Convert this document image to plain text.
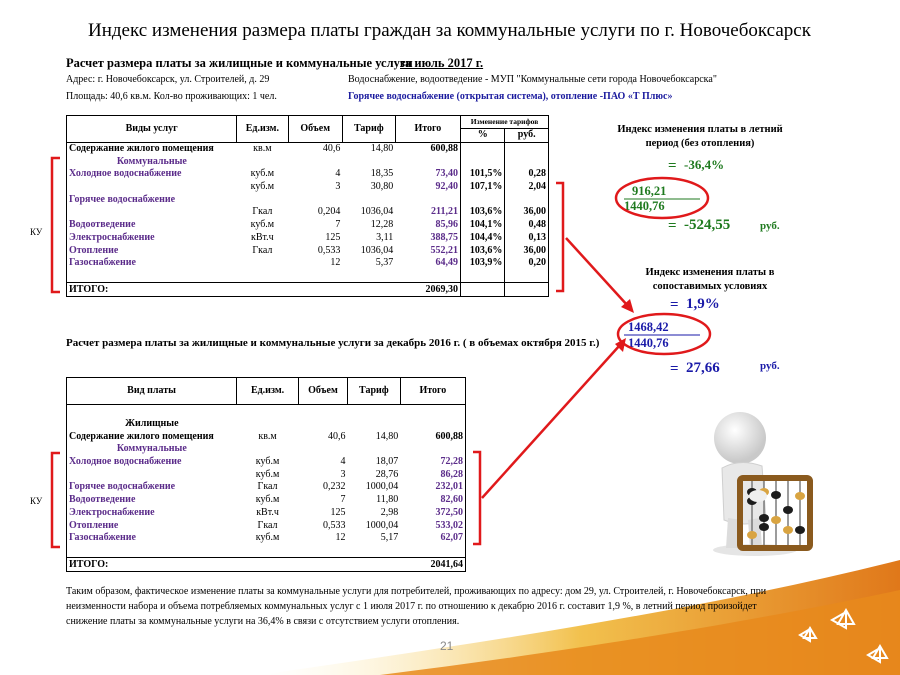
Индекс изменения размера платы граждан за коммунальные услуги по г. Новочебоксарск
Расчет размера платы за жилищные и коммунальные услуги
за июль 2017 г.
Адрес: г. Новочебоксарск, ул. Строителей, д. 29
Площадь: 40,6 кв.м. Кол-во проживающих: 1 чел.
Водоснабжение, водоотведение - МУП "Коммунальные сети города Новочебоксарска"
Горячее водоснабжение (открытая система), отопление -ПАО «Т Плюс»
Виды услуг	Ед.изм.	Объем	Тариф	Итого	Изменение тарифов	
					%	руб.
Содержание жилого помещения	кв.м	40,6	14,80	600,88		
Коммунальные						
Холодное водоснабжение	куб.м	4	18,35	73,40	101,5%	0,28
	куб.м	3	30,80	92,40	107,1%	2,04
Горячее водоснабжение						
	Гкал	0,204	1036,04	211,21	103,6%	36,00
Водоотведение	куб.м	7	12,28	85,96	104,1%	0,48
Электроснабжение	кВт.ч	125	3,11	388,75	104,4%	0,13
Отопление	Гкал	0,533	1036,04	552,21	103,6%	36,00
Газоснабжение		12	5,37	64,49	103,9%	0,20

ИТОГО:				2069,30		
Расчет размера платы за жилищные и коммунальные услуги за декабрь 2016 г. ( в объемах октября 2015 г.)
Вид платы	Ед.изм.	Объем	Тариф	Итого

Жилищные				
Содержание жилого помещения	кв.м	40,6	14,80	600,88
Коммунальные				
Холодное водоснабжение	куб.м	4	18,07	72,28
	куб.м	3	28,76	86,28
Горячее водоснабжение	Гкал	0,232	1000,04	232,01
Водоотведение	куб.м	7	11,80	82,60
Электроснабжение	кВт.ч	125	2,98	372,50
Отопление	Гкал	0,533	1000,04	533,02
Газоснабжение	куб.м	12	5,17	62,07

ИТОГО:				2041,64
КУ
КУ
Индекс изменения платы в летний период (без отопления)
= -36,4%
916,21
1440,76
= -524,55	руб.
Индекс изменения платы в сопоставимых условиях
= 1,9%
1468,42
1440,76
= 27,66	руб.
Таким образом, фактическое изменение платы за коммунальные услуги для потребителей, проживающих по адресу: дом 29, ул. Строителей, г. Новочебоксарск, при неизменности набора и объема потребляемых коммунальных услуг с 1 июля 2017 г. по отношению к декабрю 2016 г. составит 1,9 %, в летний период произойдет снижение платы за коммунальные услуги на 36,4% в связи с отсутствием услуги отопления.
21
